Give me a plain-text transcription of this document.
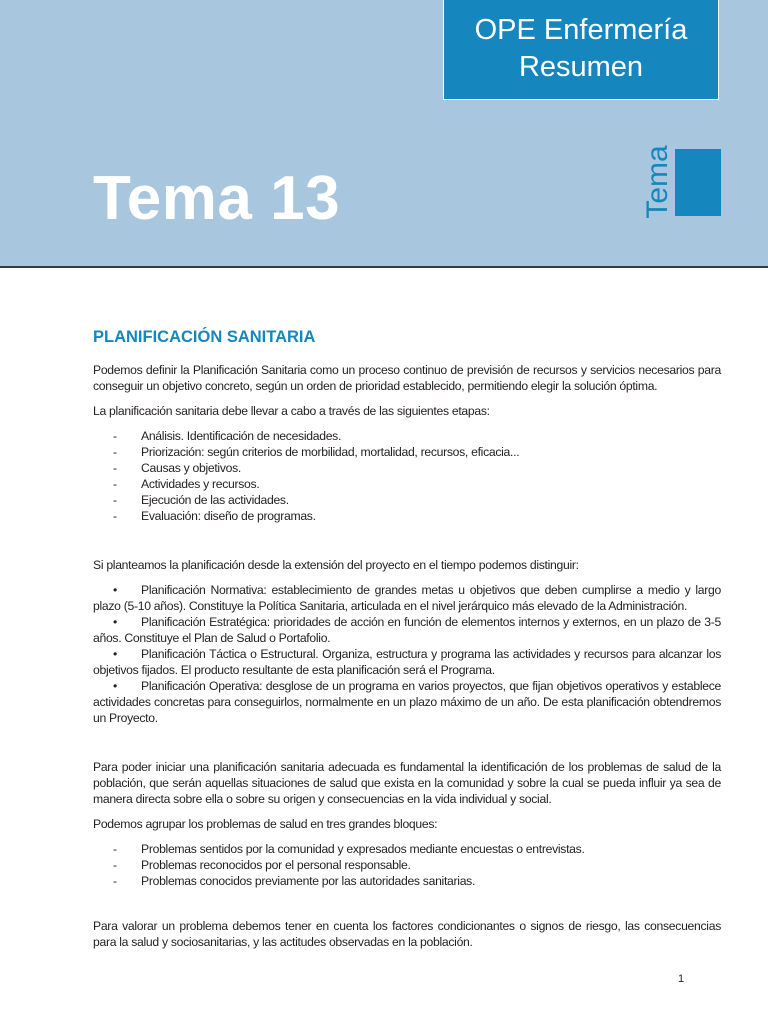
OPE Enfermería
Resumen
Tema 13	Tema
PLANIFICACIÓN SANITARIA

Podemos definir la Planificación Sanitaria como un proceso continuo de previsión de recursos y servicios necesarios para conseguir un objetivo concreto, según un orden de prioridad establecido, permitiendo elegir la solución óptima.

La planificación sanitaria debe llevar a cabo a través de las siguientes etapas:

- Análisis. Identificación de necesidades.
- Priorización: según criterios de morbilidad, mortalidad, recursos, eficacia...
- Causas y objetivos.
- Actividades y recursos.
- Ejecución de las actividades.
- Evaluación: diseño de programas.

Si planteamos la planificación desde la extensión del proyecto en el tiempo podemos distinguir:

• Planificación Normativa: establecimiento de grandes metas u objetivos que deben cumplirse a medio y largo plazo (5-10 años). Constituye la Política Sanitaria, articulada en el nivel jerárquico más elevado de la Administración.
• Planificación Estratégica: prioridades de acción en función de elementos internos y externos, en un plazo de 3-5 años. Constituye el Plan de Salud o Portafolio.
• Planificación Táctica o Estructural. Organiza, estructura y programa las actividades y recursos para alcanzar los objetivos fijados. El producto resultante de esta planificación será el Programa.
• Planificación Operativa: desglose de un programa en varios proyectos, que fijan objetivos operativos y establece actividades concretas para conseguirlos, normalmente en un plazo máximo de un año. De esta planificación obtendremos un Proyecto.

Para poder iniciar una planificación sanitaria adecuada es fundamental la identificación de los problemas de salud de la población, que serán aquellas situaciones de salud que exista en la comunidad y sobre la cual se pueda influir ya sea de manera directa sobre ella o sobre su origen y consecuencias en la vida individual y social.

Podemos agrupar los problemas de salud en tres grandes bloques:

- Problemas sentidos por la comunidad y expresados mediante encuestas o entrevistas.
- Problemas reconocidos por el personal responsable.
- Problemas conocidos previamente por las autoridades sanitarias.

Para valorar un problema debemos tener en cuenta los factores condicionantes o signos de riesgo, las consecuencias para la salud y sociosanitarias, y las actitudes observadas en la población.

1
